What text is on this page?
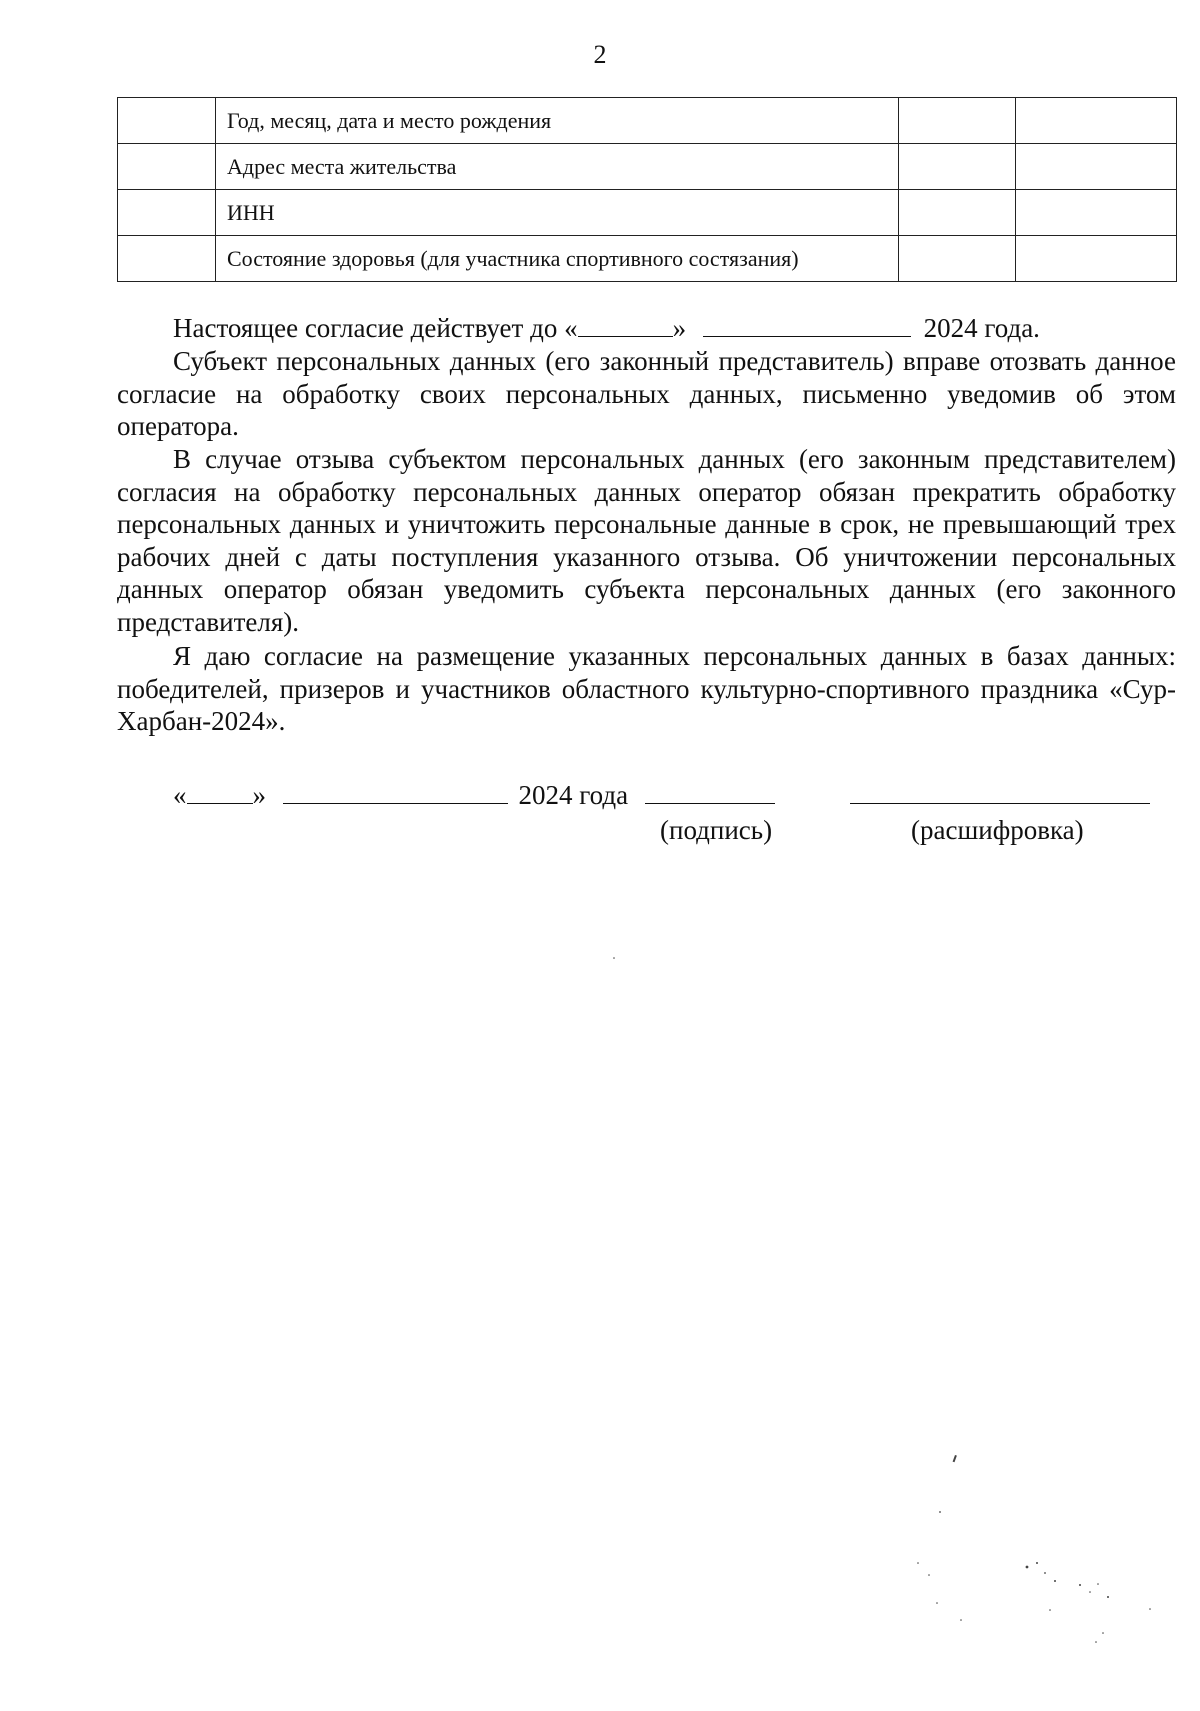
2
	Год, месяц, дата и место рождения		
	Адрес места жительства		
	ИНН		
	Состояние здоровья (для участника спортивного состязания)		
Настоящее согласие действует до «	»	2024 года.

Субъект персональных данных (его законный представитель) вправе отозвать данное согласие на обработку своих персональных данных, письменно уведомив об этом оператора.

В случае отзыва субъектом персональных данных (его законным представителем) согласия на обработку персональных данных оператор обязан прекратить обработку персональных данных и уничтожить персональные данные в срок, не превышающий трех рабочих дней с даты поступления указанного отзыва. Об уничтожении персональных данных оператор обязан уведомить субъекта персональных данных (его законного представителя).

Я даю согласие на размещение указанных персональных данных в базах данных: победителей, призеров и участников областного культурно-спортивного праздника «Сур-Харбан-2024».

« »	2024 года
(подпись)	(расшифровка)
